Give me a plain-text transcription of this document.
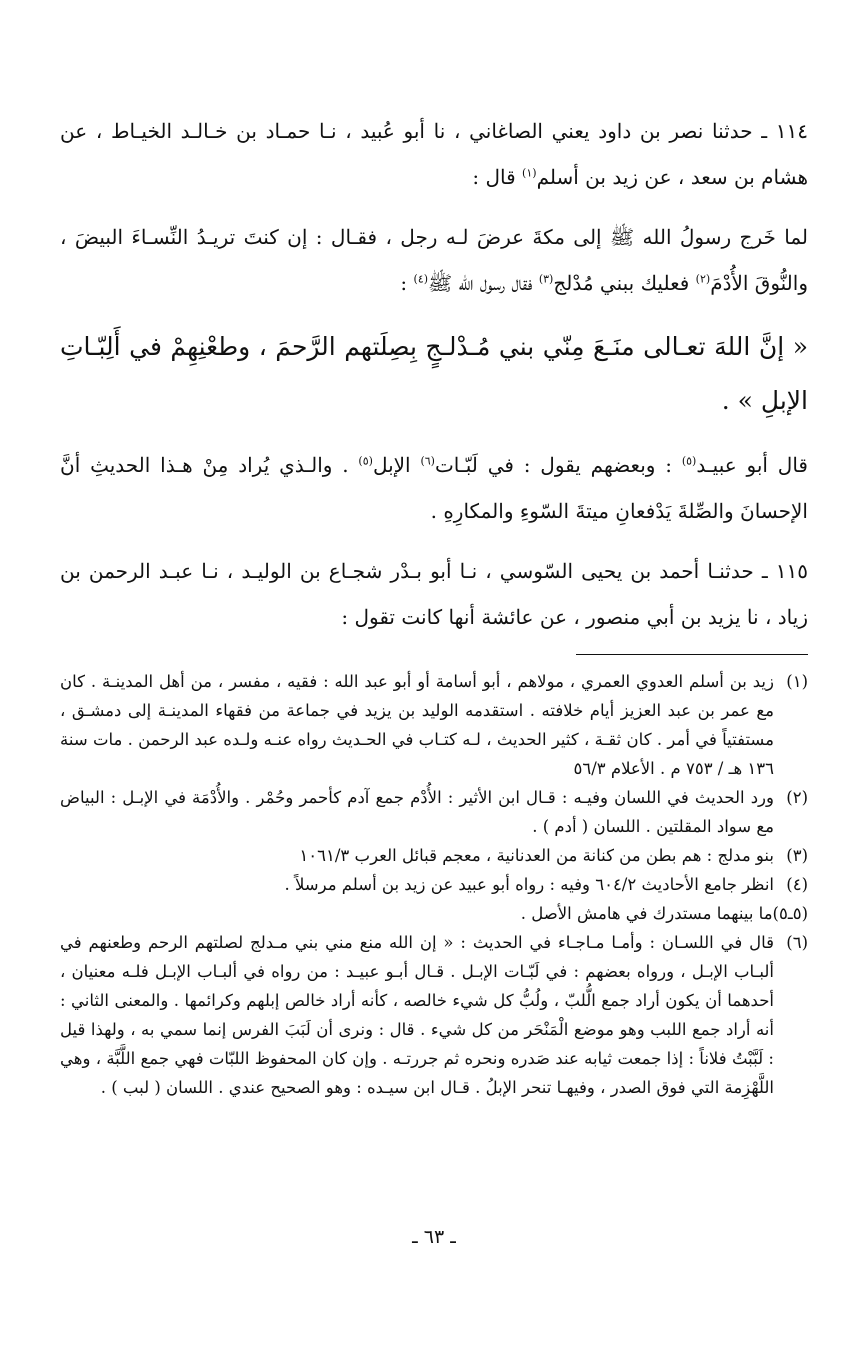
١١٤ ـ حدثنا نصر بن داود يعني الصاغاني ، نا أبو عُبيد ، نـا حمـاد بن خـالـد الخيـاط ، عن هشام بن سعد ، عن زيد بن أسلم$^{(١)}$ قال :

لما خَرج رسولُ الله ﷺ إلى مكةَ عرضَ لـه رجل ، فقـال : إن كنتَ تريـدُ النِّسـاءَ البيضَ ، والنُّوقَ الأُدْمَ$^{(٢)}$ فعليك ببني مُدْلج$^{(٣)}$ فقال رسول الله ﷺ$^{(٤)}$ :

« إنَّ اللهَ تعـالى منَـعَ مِنّي بني مُـدْلـجٍ بِصِلَتهم الرَّحمَ ، وطعْنِهِمْ في أَلِبّـاتِ الإبلِ » .

قال أبو عبيـد$^{(٥)}$ : وبعضهم يقول : في لَبّـات$^{(٦)}$ الإبل$^{(٥)}$ . والـذي يُراد مِنْ هـذا الحديثِ أنَّ الإحسانَ والصِّلةَ يَدْفعانِ ميتةَ السّوءِ والمكارِهِ .

١١٥ ـ حدثنـا أحمد بن يحيى السّوسي ، نـا أبو بـدْر شجـاع بن الوليـد ، نـا عبـد الرحمن بن زياد ، نا يزيد بن أبي منصور ، عن عائشة أنها كانت تقول :

(١)
زيد بن أسلم العدوي العمري ، مولاهم ، أبو أسامة أو أبو عبد الله : فقيه ، مفسر ، من أهل المدينـة . كان مع عمر بن عبد العزيز أيام خلافته . استقدمه الوليد بن يزيد في جماعة من فقهاء المدينـة إلى دمشـق ، مستفتياً في أمر . كان ثقـة ، كثير الحديث ، لـه كتـاب في الحـديث رواه عنـه ولـده عبد الرحمن . مات سنة ١٣٦ هـ / ٧٥٣ م . الأعلام ٥٦/٣
(٢)
ورد الحديث في اللسان وفيـه : قـال ابن الأثير : الأُدْم جمع آدم كأحمر وحُمْر . والأُدْمَة في الإبـل : البياض مع سواد المقلتين . اللسان ( أدم ) .
(٣)
بنو مدلج : هم بطن من كنانة من العدنانية ، معجم قبائل العرب ١٠٦١/٣
(٤)
انظر جامع الأحاديث ٦٠٤/٢ وفيه : رواه أبو عبيد عن زيد بن أسلم مرسلاً .
(٥ـ٥)
ما بينهما مستدرك في هامش الأصل .
(٦)
قال في اللسـان : وأمـا مـاجـاء في الحديث : « إن الله منع مني بني مـدلج لصلتهم الرحم وطعنهم في ألبـاب الإبـل ، ورواه بعضهم : في لَبّـات الإبـل . قـال أبـو عبيـد : من رواه في ألبـاب الإبـل فلـه معنيان ، أحدهما أن يكون أراد جمع الُّلبّ ، ولُبُّ كل شيء خالصه ، كأنه أراد خالص إبلهم وكرائمها . والمعنى الثاني : أنه أراد جمع اللبب وهو موضع الْمَنْحَر من كل شيء . قال : ونرى أن لَبَبَ الفرس إنما سمي به ، ولهذا قيل : لَبَّبْتُ فلاناً : إذا جمعت ثيابه عند صَدره ونحره ثم جررتـه . وإن كان المحفوظ اللبّات فهي جمع اللَّبَّة ، وهي اللَّهْزِمة التي فوق الصدر ، وفيهـا تنحر الإبلُ . قـال ابن سيـده : وهو الصحيح عندي . اللسان ( لبب ) .
ـ ٦٣ ـ
